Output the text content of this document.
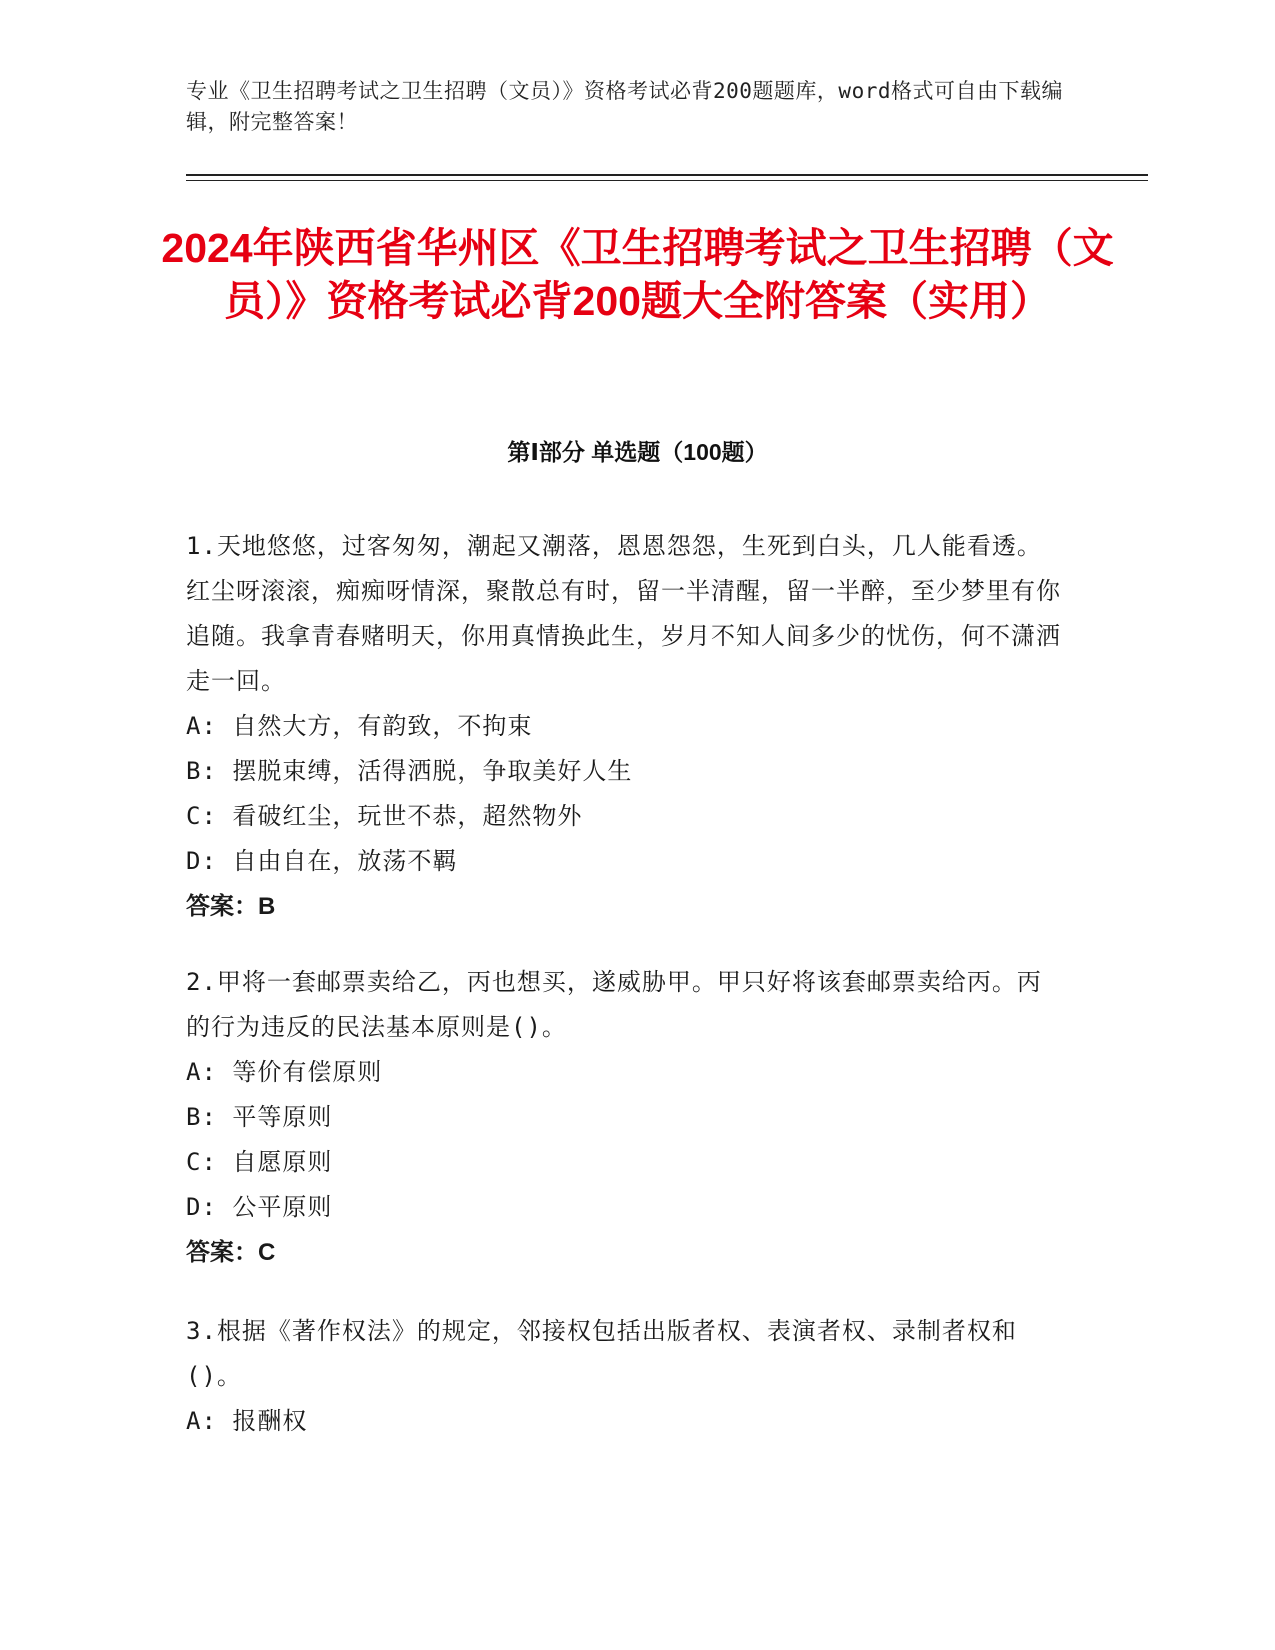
专业《卫生招聘考试之卫生招聘（文员）》资格考试必背200题题库，word格式可自由下载编辑，附完整答案！
2024年陕西省华州区《卫生招聘考试之卫生招聘（文员）》资格考试必背200题大全附答案（实用）
第Ⅰ部分 单选题（100题）

1.天地悠悠，过客匆匆，潮起又潮落，恩恩怨怨，生死到白头，几人能看透。红尘呀滚滚，痴痴呀情深，聚散总有时，留一半清醒，留一半醉，至少梦里有你追随。我拿青春赌明天，你用真情换此生，岁月不知人间多少的忧伤，何不潇洒走一回。

A: 自然大方，有韵致，不拘束

B: 摆脱束缚，活得洒脱，争取美好人生

C: 看破红尘，玩世不恭，超然物外

D: 自由自在，放荡不羁

答案：B

2.甲将一套邮票卖给乙，丙也想买，遂威胁甲。甲只好将该套邮票卖给丙。丙的行为违反的民法基本原则是()。

A: 等价有偿原则

B: 平等原则

C: 自愿原则

D: 公平原则

答案：C

3.根据《著作权法》的规定，邻接权包括出版者权、表演者权、录制者权和()。

A: 报酬权
